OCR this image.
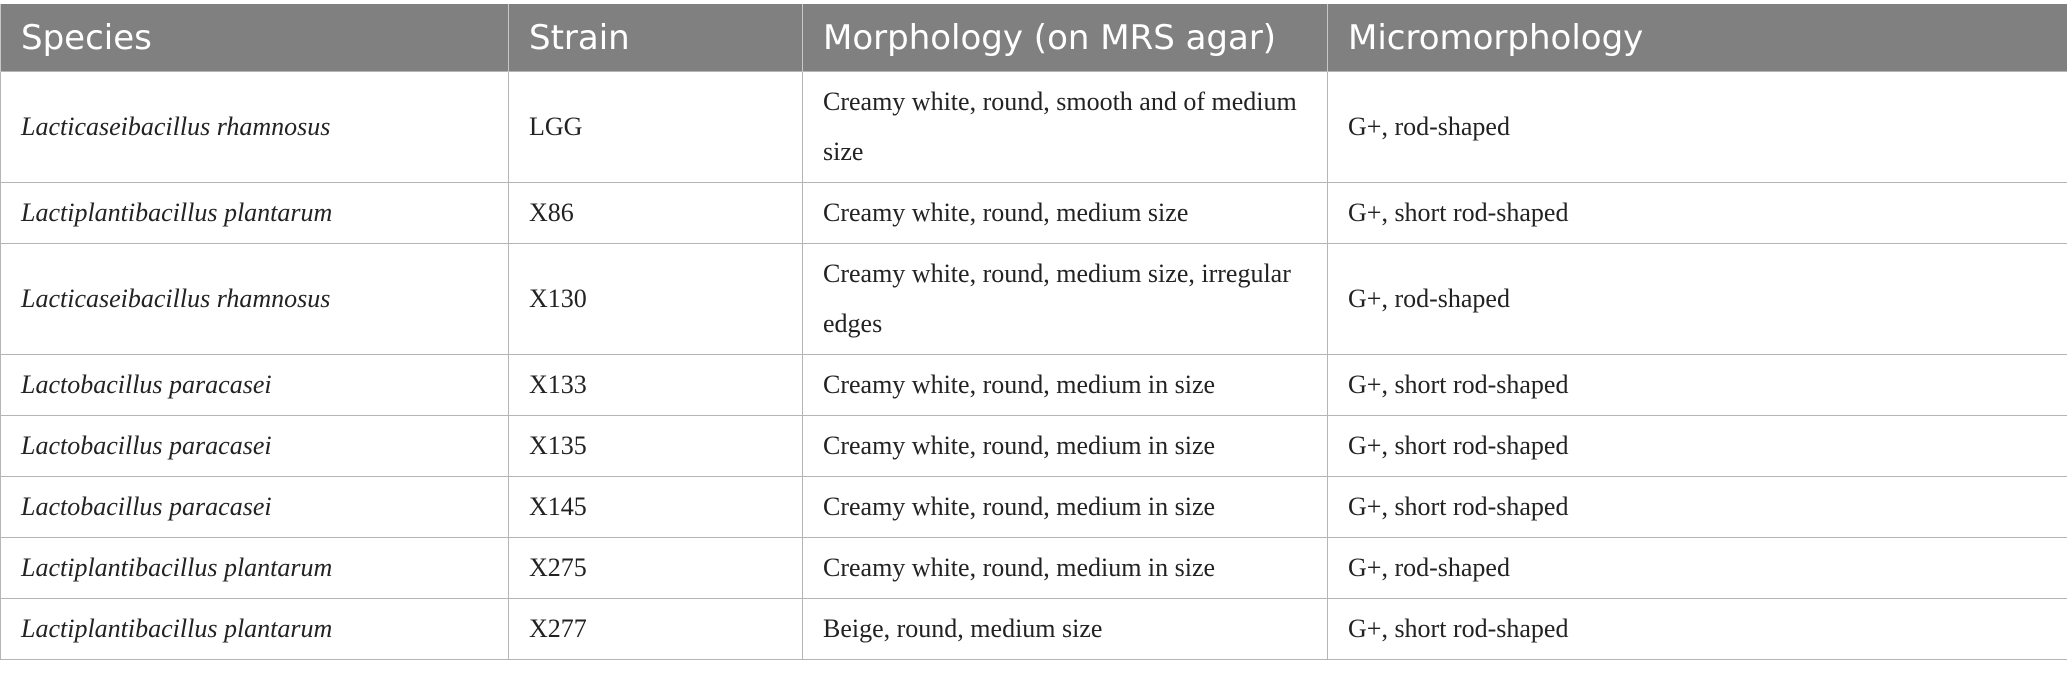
Species	Strain	Morphology (on MRS agar)	Micromorphology
Lacticaseibacillus rhamnosus	LGG	Creamy white, round, smooth and of medium size	G+, rod-shaped
Lactiplantibacillus plantarum	X86	Creamy white, round, medium size	G+, short rod-shaped
Lacticaseibacillus rhamnosus	X130	Creamy white, round, medium size, irregular edges	G+, rod-shaped
Lactobacillus paracasei	X133	Creamy white, round, medium in size	G+, short rod-shaped
Lactobacillus paracasei	X135	Creamy white, round, medium in size	G+, short rod-shaped
Lactobacillus paracasei	X145	Creamy white, round, medium in size	G+, short rod-shaped
Lactiplantibacillus plantarum	X275	Creamy white, round, medium in size	G+, rod-shaped
Lactiplantibacillus plantarum	X277	Beige, round, medium size	G+, short rod-shaped
